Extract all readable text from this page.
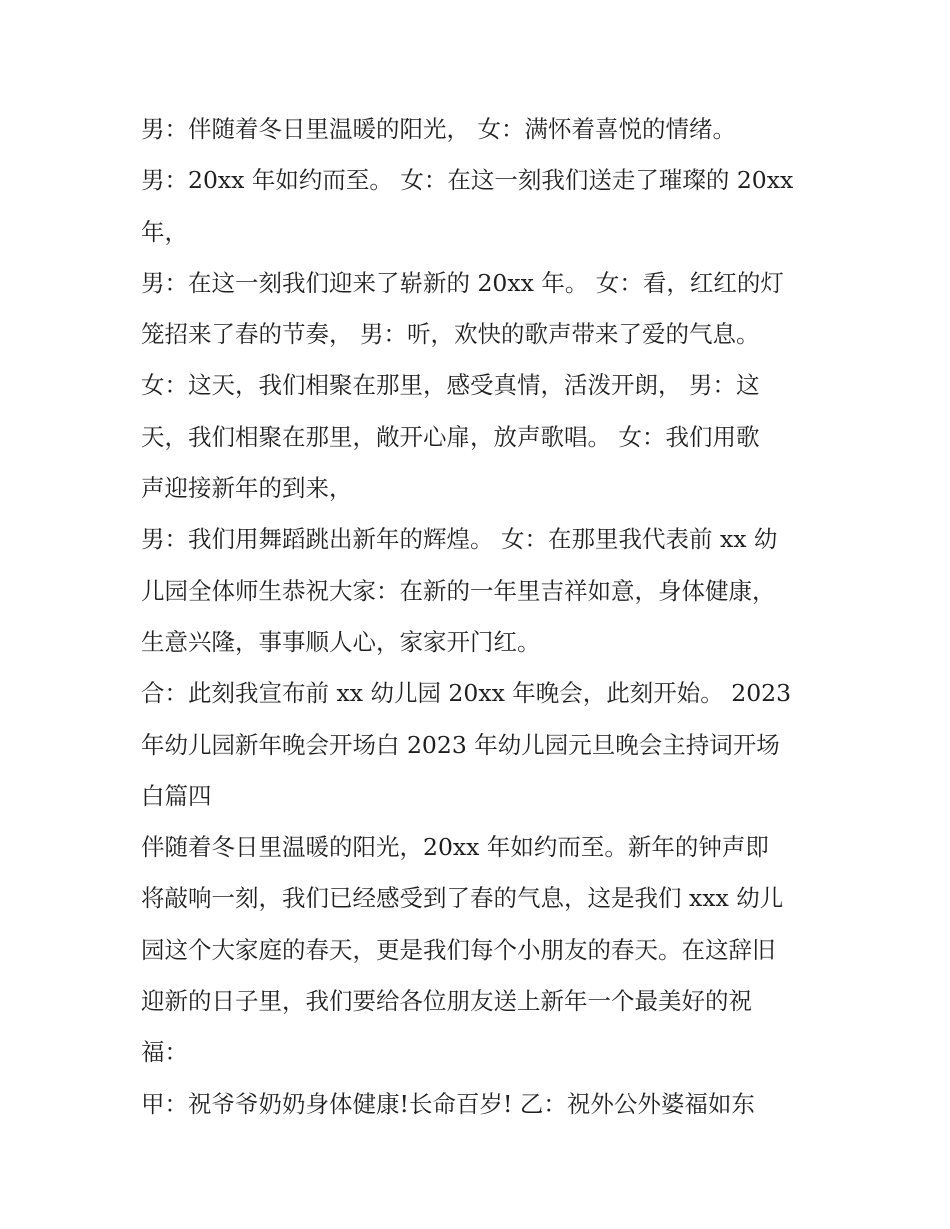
男：伴随着冬日里温暖的阳光， 女：满怀着喜悦的情绪。
男：20xx 年如约而至。 女：在这一刻我们送走了璀璨的 20xx
年，
男：在这一刻我们迎来了崭新的 20xx 年。 女：看，红红的灯
笼招来了春的节奏， 男：听，欢快的歌声带来了爱的气息。
女：这天，我们相聚在那里，感受真情，活泼开朗， 男：这
天，我们相聚在那里，敞开心扉，放声歌唱。 女：我们用歌
声迎接新年的到来，
男：我们用舞蹈跳出新年的辉煌。 女：在那里我代表前 xx 幼
儿园全体师生恭祝大家：在新的一年里吉祥如意，身体健康，
生意兴隆，事事顺人心，家家开门红。
合：此刻我宣布前 xx 幼儿园 20xx 年晚会，此刻开始。 2023
年幼儿园新年晚会开场白 2023 年幼儿园元旦晚会主持词开场
白篇四
伴随着冬日里温暖的阳光，20xx 年如约而至。新年的钟声即
将敲响一刻，我们已经感受到了春的气息，这是我们 xxx 幼儿
园这个大家庭的春天，更是我们每个小朋友的春天。在这辞旧
迎新的日子里，我们要给各位朋友送上新年一个最美好的祝
福：
甲：祝爷爷奶奶身体健康!长命百岁! 乙：祝外公外婆福如东
